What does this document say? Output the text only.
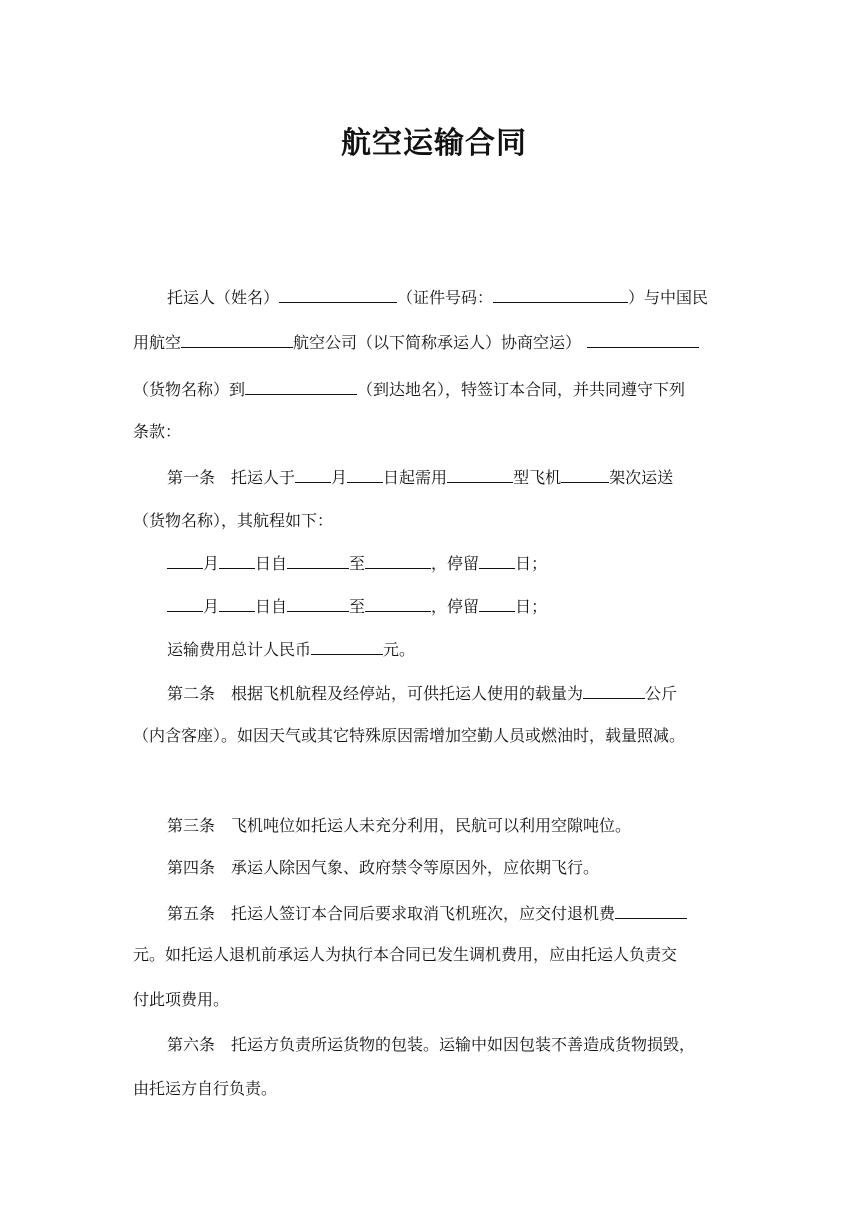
航空运输合同
托运人（姓名）	（证件号码：	）与中国民
用航空	航空公司（以下简称承运人）协商空运）
（货物名称）到	（到达地名），特签订本合同，并共同遵守下列
条款：
第一条 托运人于 月 日起需用	型飞机	架次运送
（货物名称），其航程如下：
月 日自	至	，停留 日；
月 日自	至	，停留 日；
运输费用总计人民币	元。
第二条 根据飞机航程及经停站，可供托运人使用的载量为	公斤
（内含客座）。如因天气或其它特殊原因需增加空勤人员或燃油时，载量照减。
第三条 飞机吨位如托运人未充分利用，民航可以利用空隙吨位。
第四条 承运人除因气象、政府禁令等原因外，应依期飞行。
第五条 托运人签订本合同后要求取消飞机班次，应交付退机费
元。如托运人退机前承运人为执行本合同已发生调机费用，应由托运人负责交
付此项费用。
第六条 托运方负责所运货物的包装。运输中如因包装不善造成货物损毁，
由托运方自行负责。
